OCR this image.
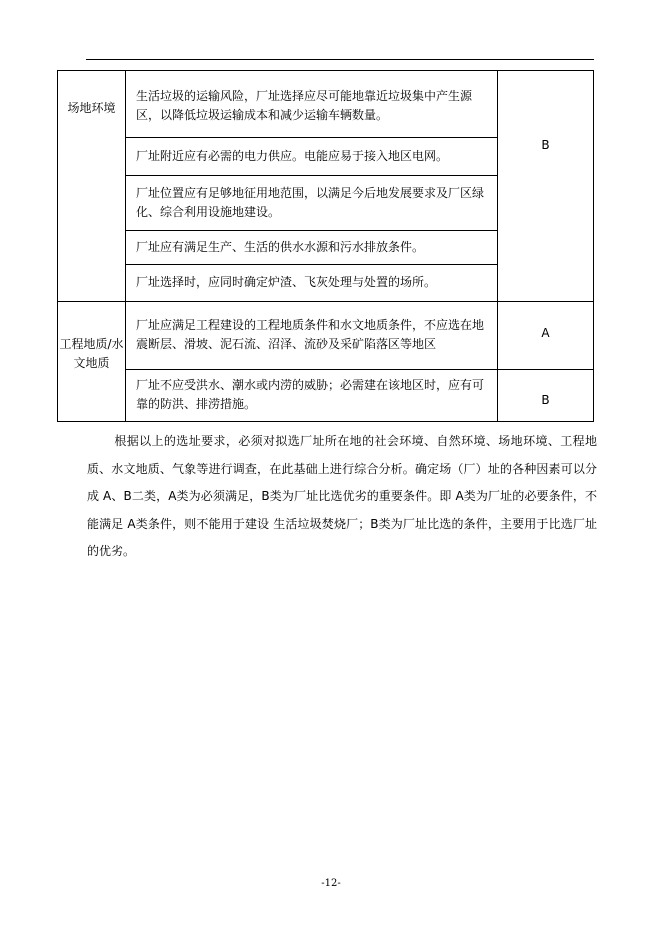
场地环境	生活垃圾的运输风险，厂址选择应尽可能地靠近垃圾集中产生源区，以降低垃圾运输成本和减少运输车辆数量。	B
	厂址附近应有必需的电力供应。电能应易于接入地区电网。	
	厂址位置应有足够地征用地范围，以满足今后地发展要求及厂区绿化、综合利用设施地建设。	
	厂址应有满足生产、生活的供水水源和污水排放条件。	
	厂址选择时，应同时确定炉渣、飞灰处理与处置的场所。	
工程地质/水文地质	厂址应满足工程建设的工程地质条件和水文地质条件，不应选在地震断层、滑坡、泥石流、沼泽、流砂及采矿陷落区等地区	A
	厂址不应受洪水、潮水或内涝的威胁；必需建在该地区时，应有可靠的防洪、排涝措施。	B
根据以上的选址要求，必须对拟选厂址所在地的社会环境、自然环境、场地环境、工程地质、水文地质、气象等进行调查，在此基础上进行综合分析。确定场（厂）址的各种因素可以分成 A、B二类，A类为必须满足，B类为厂址比选优劣的重要条件。即 A类为厂址的必要条件，不能满足 A类条件，则不能用于建设 生活垃圾焚烧厂；B类为厂址比选的条件，主要用于比选厂址的优劣。
-12-
